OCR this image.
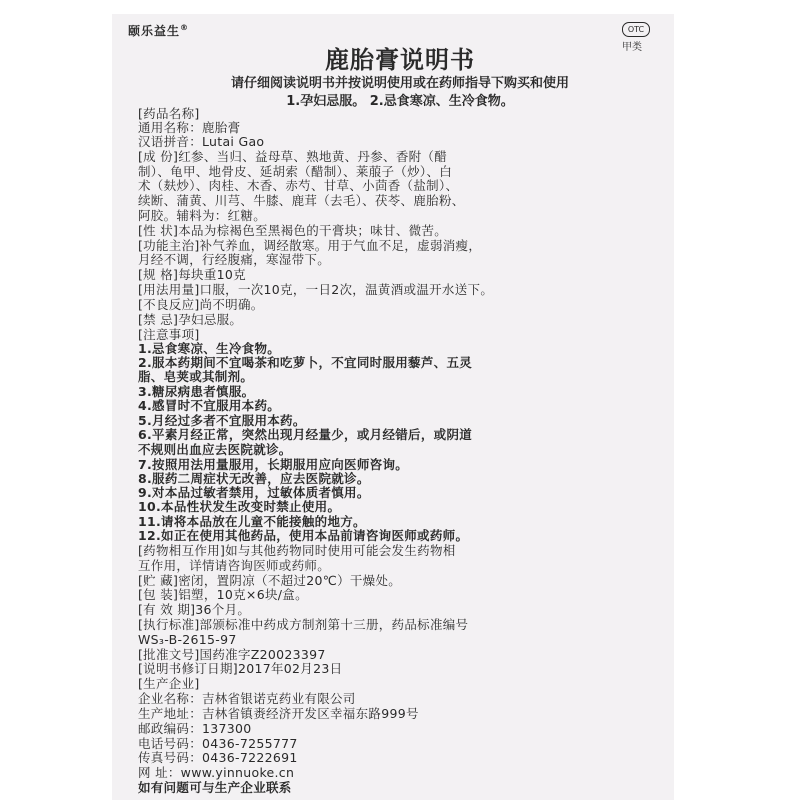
颐乐益生®	OTC
甲类
鹿胎膏说明书
请仔细阅读说明书并按说明使用或在药师指导下购买和使用
1.孕妇忌服。 2.忌食寒凉、生冷食物。
[药品名称]
通用名称：鹿胎膏
汉语拼音：Lutai Gao
[成 份]红参、当归、益母草、熟地黄、丹参、香附（醋
制）、龟甲、地骨皮、延胡索（醋制）、莱菔子（炒）、白
术（麸炒）、肉桂、木香、赤芍、甘草、小茴香（盐制）、
续断、蒲黄、川芎、牛膝、鹿茸（去毛）、茯苓、鹿胎粉、
阿胶。辅料为：红糖。
[性 状]本品为棕褐色至黑褐色的干膏块；味甘、微苦。
[功能主治]补气养血，调经散寒。用于气血不足，虚弱消瘦，
月经不调，行经腹痛，寒湿带下。
[规 格]每块重10克
[用法用量]口服，一次10克，一日2次，温黄酒或温开水送下。
[不良反应]尚不明确。
[禁 忌]孕妇忌服。
[注意事项]
1.忌食寒凉、生冷食物。
2.服本药期间不宜喝茶和吃萝卜，不宜同时服用藜芦、五灵
脂、皂荚或其制剂。
3.糖尿病患者慎服。
4.感冒时不宜服用本药。
5.月经过多者不宜服用本药。
6.平素月经正常，突然出现月经量少，或月经错后，或阴道
不规则出血应去医院就诊。
7.按照用法用量服用，长期服用应向医师咨询。
8.服药二周症状无改善，应去医院就诊。
9.对本品过敏者禁用，过敏体质者慎用。
10.本品性状发生改变时禁止使用。
11.请将本品放在儿童不能接触的地方。
12.如正在使用其他药品，使用本品前请咨询医师或药师。
[药物相互作用]如与其他药物同时使用可能会发生药物相
互作用，详情请咨询医师或药师。
[贮 藏]密闭，置阴凉（不超过20℃）干燥处。
[包 装]铝塑，10克×6块/盒。
[有 效 期]36个月。
[执行标准]部颁标准中药成方制剂第十三册，药品标准编号
WS₃-B-2615-97
[批准文号]国药准字Z20023397
[说明书修订日期]2017年02月23日
[生产企业]
企业名称：吉林省银诺克药业有限公司
生产地址：吉林省镇赉经济开发区幸福东路999号
邮政编码：137300
电话号码：0436-7255777
传真号码：0436-7222691
网 址：www.yinnuoke.cn
如有问题可与生产企业联系
